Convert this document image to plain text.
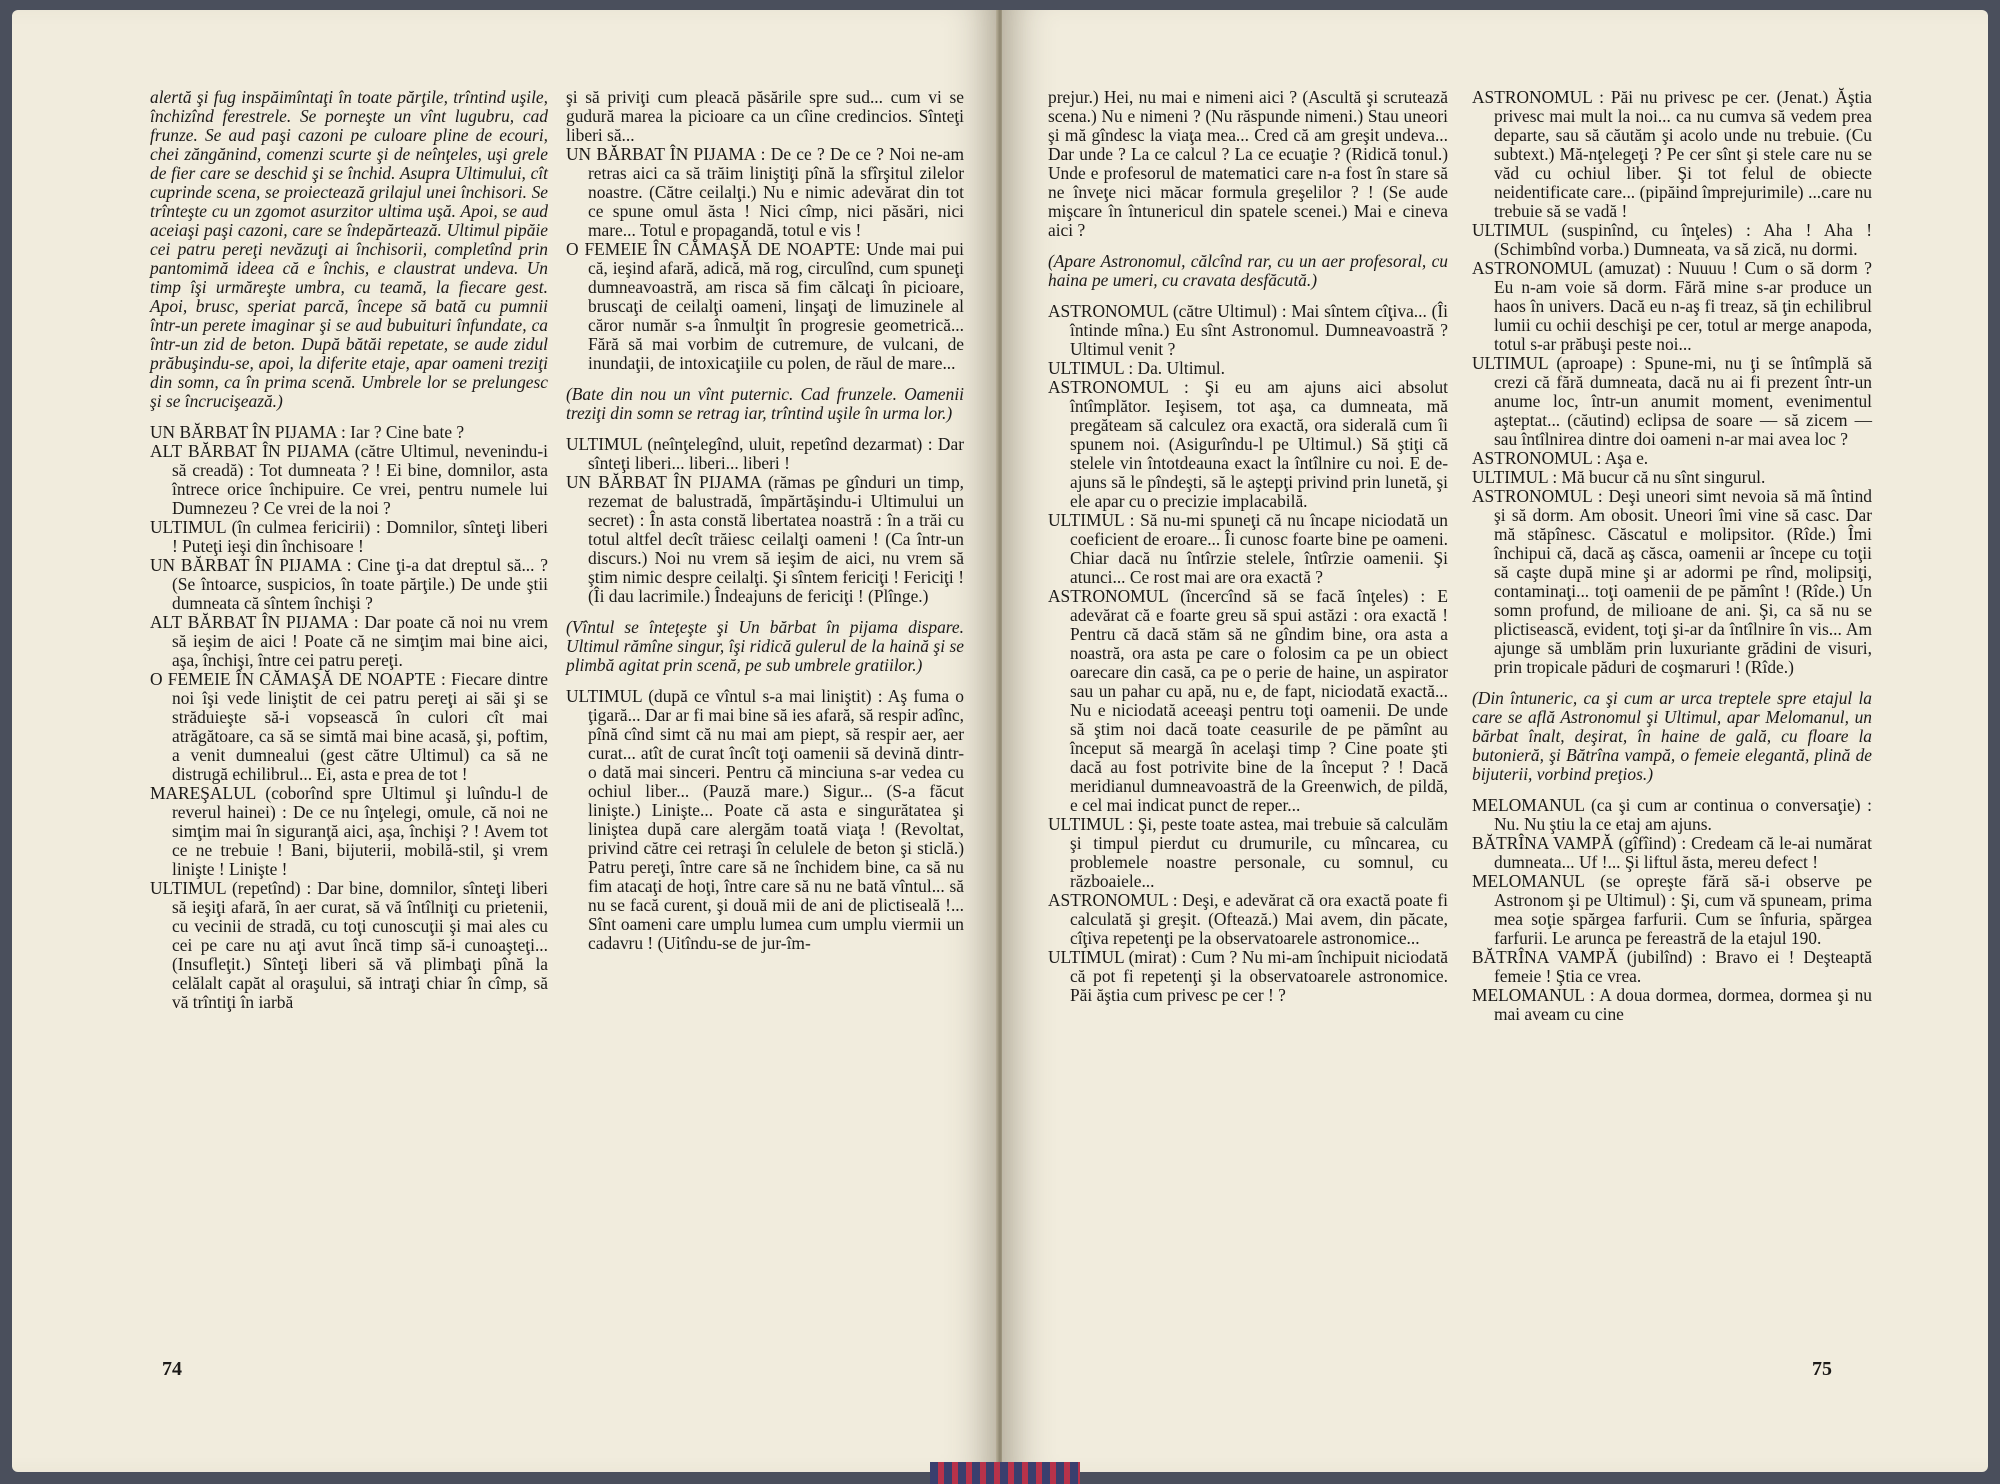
alertă şi fug inspăimîntaţi în toate părţile, trîntind uşile, închizînd ferestrele. Se porneşte un vînt lugubru, cad frunze. Se aud paşi cazoni pe culoare pline de ecouri, chei zăngănind, comenzi scurte şi de neînţeles, uşi grele de fier care se deschid şi se închid. Asupra Ultimului, cît cuprinde scena, se proiectează grilajul unei închisori. Se trînteşte cu un zgomot asurzitor ultima uşă. Apoi, se aud aceiaşi paşi cazoni, care se îndepărtează. Ultimul pipăie cei patru pereţi nevăzuţi ai închisorii, completînd prin pantomimă ideea că e închis, e claustrat undeva. Un timp îşi urmăreşte umbra, cu teamă, la fiecare gest. Apoi, brusc, speriat parcă, începe să bată cu pumnii într-un perete imaginar şi se aud bubuituri înfundate, ca într-un zid de beton. După bătăi repetate, se aude zidul prăbuşindu-se, apoi, la diferite etaje, apar oameni treziţi din somn, ca în prima scenă. Umbrele lor se prelungesc şi se încrucişează.)

UN BĂRBAT ÎN PIJAMA : Iar ? Cine bate ?

ALT BĂRBAT ÎN PIJAMA (către Ultimul, nevenindu-i să creadă) : Tot dumneata ? ! Ei bine, domnilor, asta întrece orice închipuire. Ce vrei, pentru numele lui Dumnezeu ? Ce vrei de la noi ?

ULTIMUL (în culmea fericirii) : Domnilor, sînteţi liberi ! Puteţi ieşi din închisoare !

UN BĂRBAT ÎN PIJAMA : Cine ţi-a dat dreptul să... ? (Se întoarce, suspicios, în toate părţile.) De unde ştii dumneata că sîntem închişi ?

ALT BĂRBAT ÎN PIJAMA : Dar poate că noi nu vrem să ieşim de aici ! Poate că ne simţim mai bine aici, aşa, închişi, între cei patru pereţi.

O FEMEIE ÎN CĂMAŞĂ DE NOAPTE : Fiecare dintre noi îşi vede liniştit de cei patru pereţi ai săi şi se străduieşte să-i vopsească în culori cît mai atrăgătoare, ca să se simtă mai bine acasă, şi, poftim, a venit dumnealui (gest către Ultimul) ca să ne distrugă echilibrul... Ei, asta e prea de tot !

MAREŞALUL (coborînd spre Ultimul şi luîndu-l de reverul hainei) : De ce nu înţelegi, omule, că noi ne simţim mai în siguranţă aici, aşa, închişi ? ! Avem tot ce ne trebuie ! Bani, bijuterii, mobilă-stil, şi vrem linişte ! Linişte !

ULTIMUL (repetînd) : Dar bine, domnilor, sînteţi liberi să ieşiţi afară, în aer curat, să vă întîlniţi cu prietenii, cu vecinii de stradă, cu toţi cunoscuţii şi mai ales cu cei pe care nu aţi avut încă timp să-i cunoaşteţi... (Insufleţit.) Sînteţi liberi să vă plimbaţi pînă la celălalt capăt al oraşului, să intraţi chiar în cîmp, să vă trîntiţi în iarbă

şi să priviţi cum pleacă păsările spre sud... cum vi se gudură marea la picioare ca un cîine credincios. Sînteţi liberi să...

UN BĂRBAT ÎN PIJAMA : De ce ? De ce ? Noi ne-am retras aici ca să trăim liniştiţi pînă la sfîrşitul zilelor noastre. (Către ceilalţi.) Nu e nimic adevărat din tot ce spune omul ăsta ! Nici cîmp, nici păsări, nici mare... Totul e propagandă, totul e vis !

O FEMEIE ÎN CĂMAŞĂ DE NOAPTE: Unde mai pui că, ieşind afară, adică, mă rog, circulînd, cum spuneţi dumneavoastră, am risca să fim călcaţi în picioare, bruscaţi de ceilalţi oameni, linşaţi de limuzinele al căror număr s-a înmulţit în progresie geometrică... Fără să mai vorbim de cutremure, de vulcani, de inundaţii, de intoxicaţiile cu polen, de răul de mare...

(Bate din nou un vînt puternic. Cad frunzele. Oamenii treziţi din somn se retrag iar, trîntind uşile în urma lor.)

ULTIMUL (neînţelegînd, uluit, repetînd dezarmat) : Dar sînteţi liberi... liberi... liberi !

UN BĂRBAT ÎN PIJAMA (rămas pe gînduri un timp, rezemat de balustradă, împărtăşindu-i Ultimului un secret) : În asta constă libertatea noastră : în a trăi cu totul altfel decît trăiesc ceilalţi oameni ! (Ca într-un discurs.) Noi nu vrem să ieşim de aici, nu vrem să ştim nimic despre ceilalţi. Şi sîntem fericiţi ! Fericiţi ! (Îi dau lacrimile.) Îndeajuns de fericiţi ! (Plînge.)

(Vîntul se înteţeşte şi Un bărbat în pijama dispare. Ultimul rămîne singur, îşi ridică gulerul de la haină şi se plimbă agitat prin scenă, pe sub umbrele gratiilor.)

ULTIMUL (după ce vîntul s-a mai liniştit) : Aş fuma o ţigară... Dar ar fi mai bine să ies afară, să respir adînc, pînă cînd simt că nu mai am piept, să respir aer, aer curat... atît de curat încît toţi oamenii să devină dintr-o dată mai sinceri. Pentru că minciuna s-ar vedea cu ochiul liber... (Pauză mare.) Sigur... (S-a făcut linişte.) Linişte... Poate că asta e singurătatea şi liniştea după care alergăm toată viaţa ! (Revoltat, privind către cei retraşi în celulele de beton şi sticlă.) Patru pereţi, între care să ne închidem bine, ca să nu fim atacaţi de hoţi, între care să nu ne bată vîntul... să nu se facă curent, şi două mii de ani de plictiseală !... Sînt oameni care umplu lumea cum umplu viermii un cadavru ! (Uitîndu-se de jur-îm-

74

prejur.) Hei, nu mai e nimeni aici ? (Ascultă şi scrutează scena.) Nu e nimeni ? (Nu răspunde nimeni.) Stau uneori şi mă gîndesc la viaţa mea... Cred că am greşit undeva... Dar unde ? La ce calcul ? La ce ecuaţie ? (Ridică tonul.) Unde e profesorul de matematici care n-a fost în stare să ne înveţe nici măcar formula greşelilor ? ! (Se aude mişcare în întunericul din spatele scenei.) Mai e cineva aici ?

(Apare Astronomul, călcînd rar, cu un aer profesoral, cu haina pe umeri, cu cravata desfăcută.)

ASTRONOMUL (către Ultimul) : Mai sîntem cîţiva... (Îi întinde mîna.) Eu sînt Astronomul. Dumneavoastră ? Ultimul venit ?

ULTIMUL : Da. Ultimul.

ASTRONOMUL : Şi eu am ajuns aici absolut întîmplător. Ieşisem, tot aşa, ca dumneata, mă pregăteam să calculez ora exactă, ora siderală cum îi spunem noi. (Asigurîndu-l pe Ultimul.) Să ştiţi că stelele vin întotdeauna exact la întîlnire cu noi. E de-ajuns să le pîndeşti, să le aştepţi privind prin lunetă, şi ele apar cu o precizie implacabilă.

ULTIMUL : Să nu-mi spuneţi că nu încape niciodată un coeficient de eroare... Îi cunosc foarte bine pe oameni. Chiar dacă nu întîrzie stelele, întîrzie oamenii. Şi atunci... Ce rost mai are ora exactă ?

ASTRONOMUL (încercînd să se facă înţeles) : E adevărat că e foarte greu să spui astăzi : ora exactă ! Pentru că dacă stăm să ne gîndim bine, ora asta a noastră, ora asta pe care o folosim ca pe un obiect oarecare din casă, ca pe o perie de haine, un aspirator sau un pahar cu apă, nu e, de fapt, niciodată exactă... Nu e niciodată aceeaşi pentru toţi oamenii. De unde să ştim noi dacă toate ceasurile de pe pămînt au început să meargă în acelaşi timp ? Cine poate şti dacă au fost potrivite bine de la început ? ! Dacă meridianul dumneavoastră de la Greenwich, de pildă, e cel mai indicat punct de reper...

ULTIMUL : Şi, peste toate astea, mai trebuie să calculăm şi timpul pierdut cu drumurile, cu mîncarea, cu problemele noastre personale, cu somnul, cu războaiele...

ASTRONOMUL : Deşi, e adevărat că ora exactă poate fi calculată şi greşit. (Oftează.) Mai avem, din păcate, cîţiva repetenţi pe la observatoarele astronomice...

ULTIMUL (mirat) : Cum ? Nu mi-am închipuit niciodată că pot fi repetenţi şi la observatoarele astronomice. Păi ăştia cum privesc pe cer ! ?

ASTRONOMUL : Păi nu privesc pe cer. (Jenat.) Ăştia privesc mai mult la noi... ca nu cumva să vedem prea departe, sau să căutăm şi acolo unde nu trebuie. (Cu subtext.) Mă-nţelegeţi ? Pe cer sînt şi stele care nu se văd cu ochiul liber. Şi tot felul de obiecte neidentificate care... (pipăind împrejurimile) ...care nu trebuie să se vadă !

ULTIMUL (suspinînd, cu înţeles) : Aha ! Aha ! (Schimbînd vorba.) Dumneata, va să zică, nu dormi.

ASTRONOMUL (amuzat) : Nuuuu ! Cum o să dorm ? Eu n-am voie să dorm. Fără mine s-ar produce un haos în univers. Dacă eu n-aş fi treaz, să ţin echilibrul lumii cu ochii deschişi pe cer, totul ar merge anapoda, totul s-ar prăbuşi peste noi...

ULTIMUL (aproape) : Spune-mi, nu ţi se întîmplă să crezi că fără dumneata, dacă nu ai fi prezent într-un anume loc, într-un anumit moment, evenimentul aşteptat... (căutind) eclipsa de soare — să zicem — sau întîlnirea dintre doi oameni n-ar mai avea loc ?

ASTRONOMUL : Aşa e.

ULTIMUL : Mă bucur că nu sînt singurul.

ASTRONOMUL : Deşi uneori simt nevoia să mă întind şi să dorm. Am obosit. Uneori îmi vine să casc. Dar mă stăpînesc. Căscatul e molipsitor. (Rîde.) Îmi închipui că, dacă aş căsca, oamenii ar începe cu toţii să caşte după mine şi ar adormi pe rînd, molipsiţi, contaminaţi... toţi oamenii de pe pămînt ! (Rîde.) Un somn profund, de milioane de ani. Şi, ca să nu se plictisească, evident, toţi şi-ar da întîlnire în vis... Am ajunge să umblăm prin luxuriante grădini de visuri, prin tropicale păduri de coşmaruri ! (Rîde.)

(Din întuneric, ca şi cum ar urca treptele spre etajul la care se află Astronomul şi Ultimul, apar Melomanul, un bărbat înalt, deşirat, în haine de gală, cu floare la butonieră, şi Bătrîna vampă, o femeie elegantă, plină de bijuterii, vorbind preţios.)

MELOMANUL (ca şi cum ar continua o conversaţie) : Nu. Nu ştiu la ce etaj am ajuns.

BĂTRÎNA VAMPĂ (gîfîind) : Credeam că le-ai numărat dumneata... Uf !... Şi liftul ăsta, mereu defect !

MELOMANUL (se opreşte fără să-i observe pe Astronom şi pe Ultimul) : Şi, cum vă spuneam, prima mea soţie spărgea farfurii. Cum se înfuria, spărgea farfurii. Le arunca pe fereastră de la etajul 190.

BĂTRÎNA VAMPĂ (jubilînd) : Bravo ei ! Deşteaptă femeie ! Ştia ce vrea.

MELOMANUL : A doua dormea, dormea, dormea şi nu mai aveam cu cine

75
